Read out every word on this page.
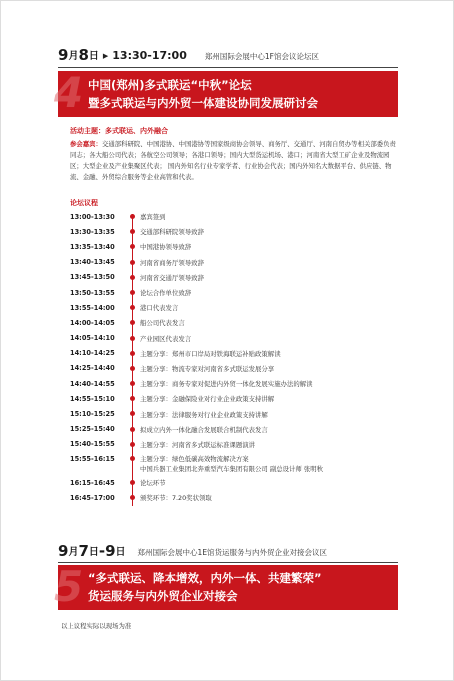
9 月 8 日 ▶ 13:30-17:00 郑州国际会展中心1F馆会议论坛区
4 中国(郑州)多式联运“中秋”论坛
暨多式联运与内外贸一体建设协同发展研讨会
活动主题：多式联运、内外融合
参会嘉宾：交通部科研院、中国港协、中国港协等国家级商协会领导、商务厅、交通厅、河南自贸办等相关部委负责同志；各大船公司代表；各航空公司领导；各港口领导；国内大型货运机场、港口；河南省大型工矿企业及物流园区；大型企业及产业集聚区代表； 国内外知名行业专家学者、行业协会代表；国内外知名大数据平台、供应链、物流、金融、外贸综合服务等企业高管和代表。
论坛议程
13:00-13:30	嘉宾签到
13:30-13:35	交通部科研院领导致辞
13:35-13:40	中国港协领导致辞
13:40-13:45	河南省商务厅领导致辞
13:45-13:50	河南省交通厅领导致辞
13:50-13:55	论坛合作单位致辞
13:55-14:00	港口代表发言
14:00-14:05	船公司代表发言
14:05-14:10	产业园区代表发言
14:10-14:25	主题分享：郑州市口岸局对铁海联运补贴政策解读
14:25-14:40	主题分享：物流专家对河南省多式联运发展分享
14:40-14:55	主题分享：商务专家对促进内外贸一体化发展实施办法的解读
14:55-15:10	主题分享：金融保险业对行业企业政策支持讲解
15:10-15:25	主题分享：法律服务对行业企业政策支持讲解
15:25-15:40	拟成立内外一体化融合发展联合机制代表发言
15:40-15:55	主题分享：河南省多式联运标准课题演讲
15:55-16:15	主题分享：绿色低碳高效物流解决方案
中国兵器工业集团北奔重型汽车集团有限公司 副总设计师 张明秋
16:15-16:45	论坛环节
16:45-17:00	颁奖环节：7.20奖状领取
9 月 7 日 - 9 日 郑州国际会展中心1E馆货运服务与内外贸企业对接会议区
5 “多式联运、降本增效，内外一体、共建繁荣”
货运服务与内外贸企业对接会
以上议程实际以现场为准
